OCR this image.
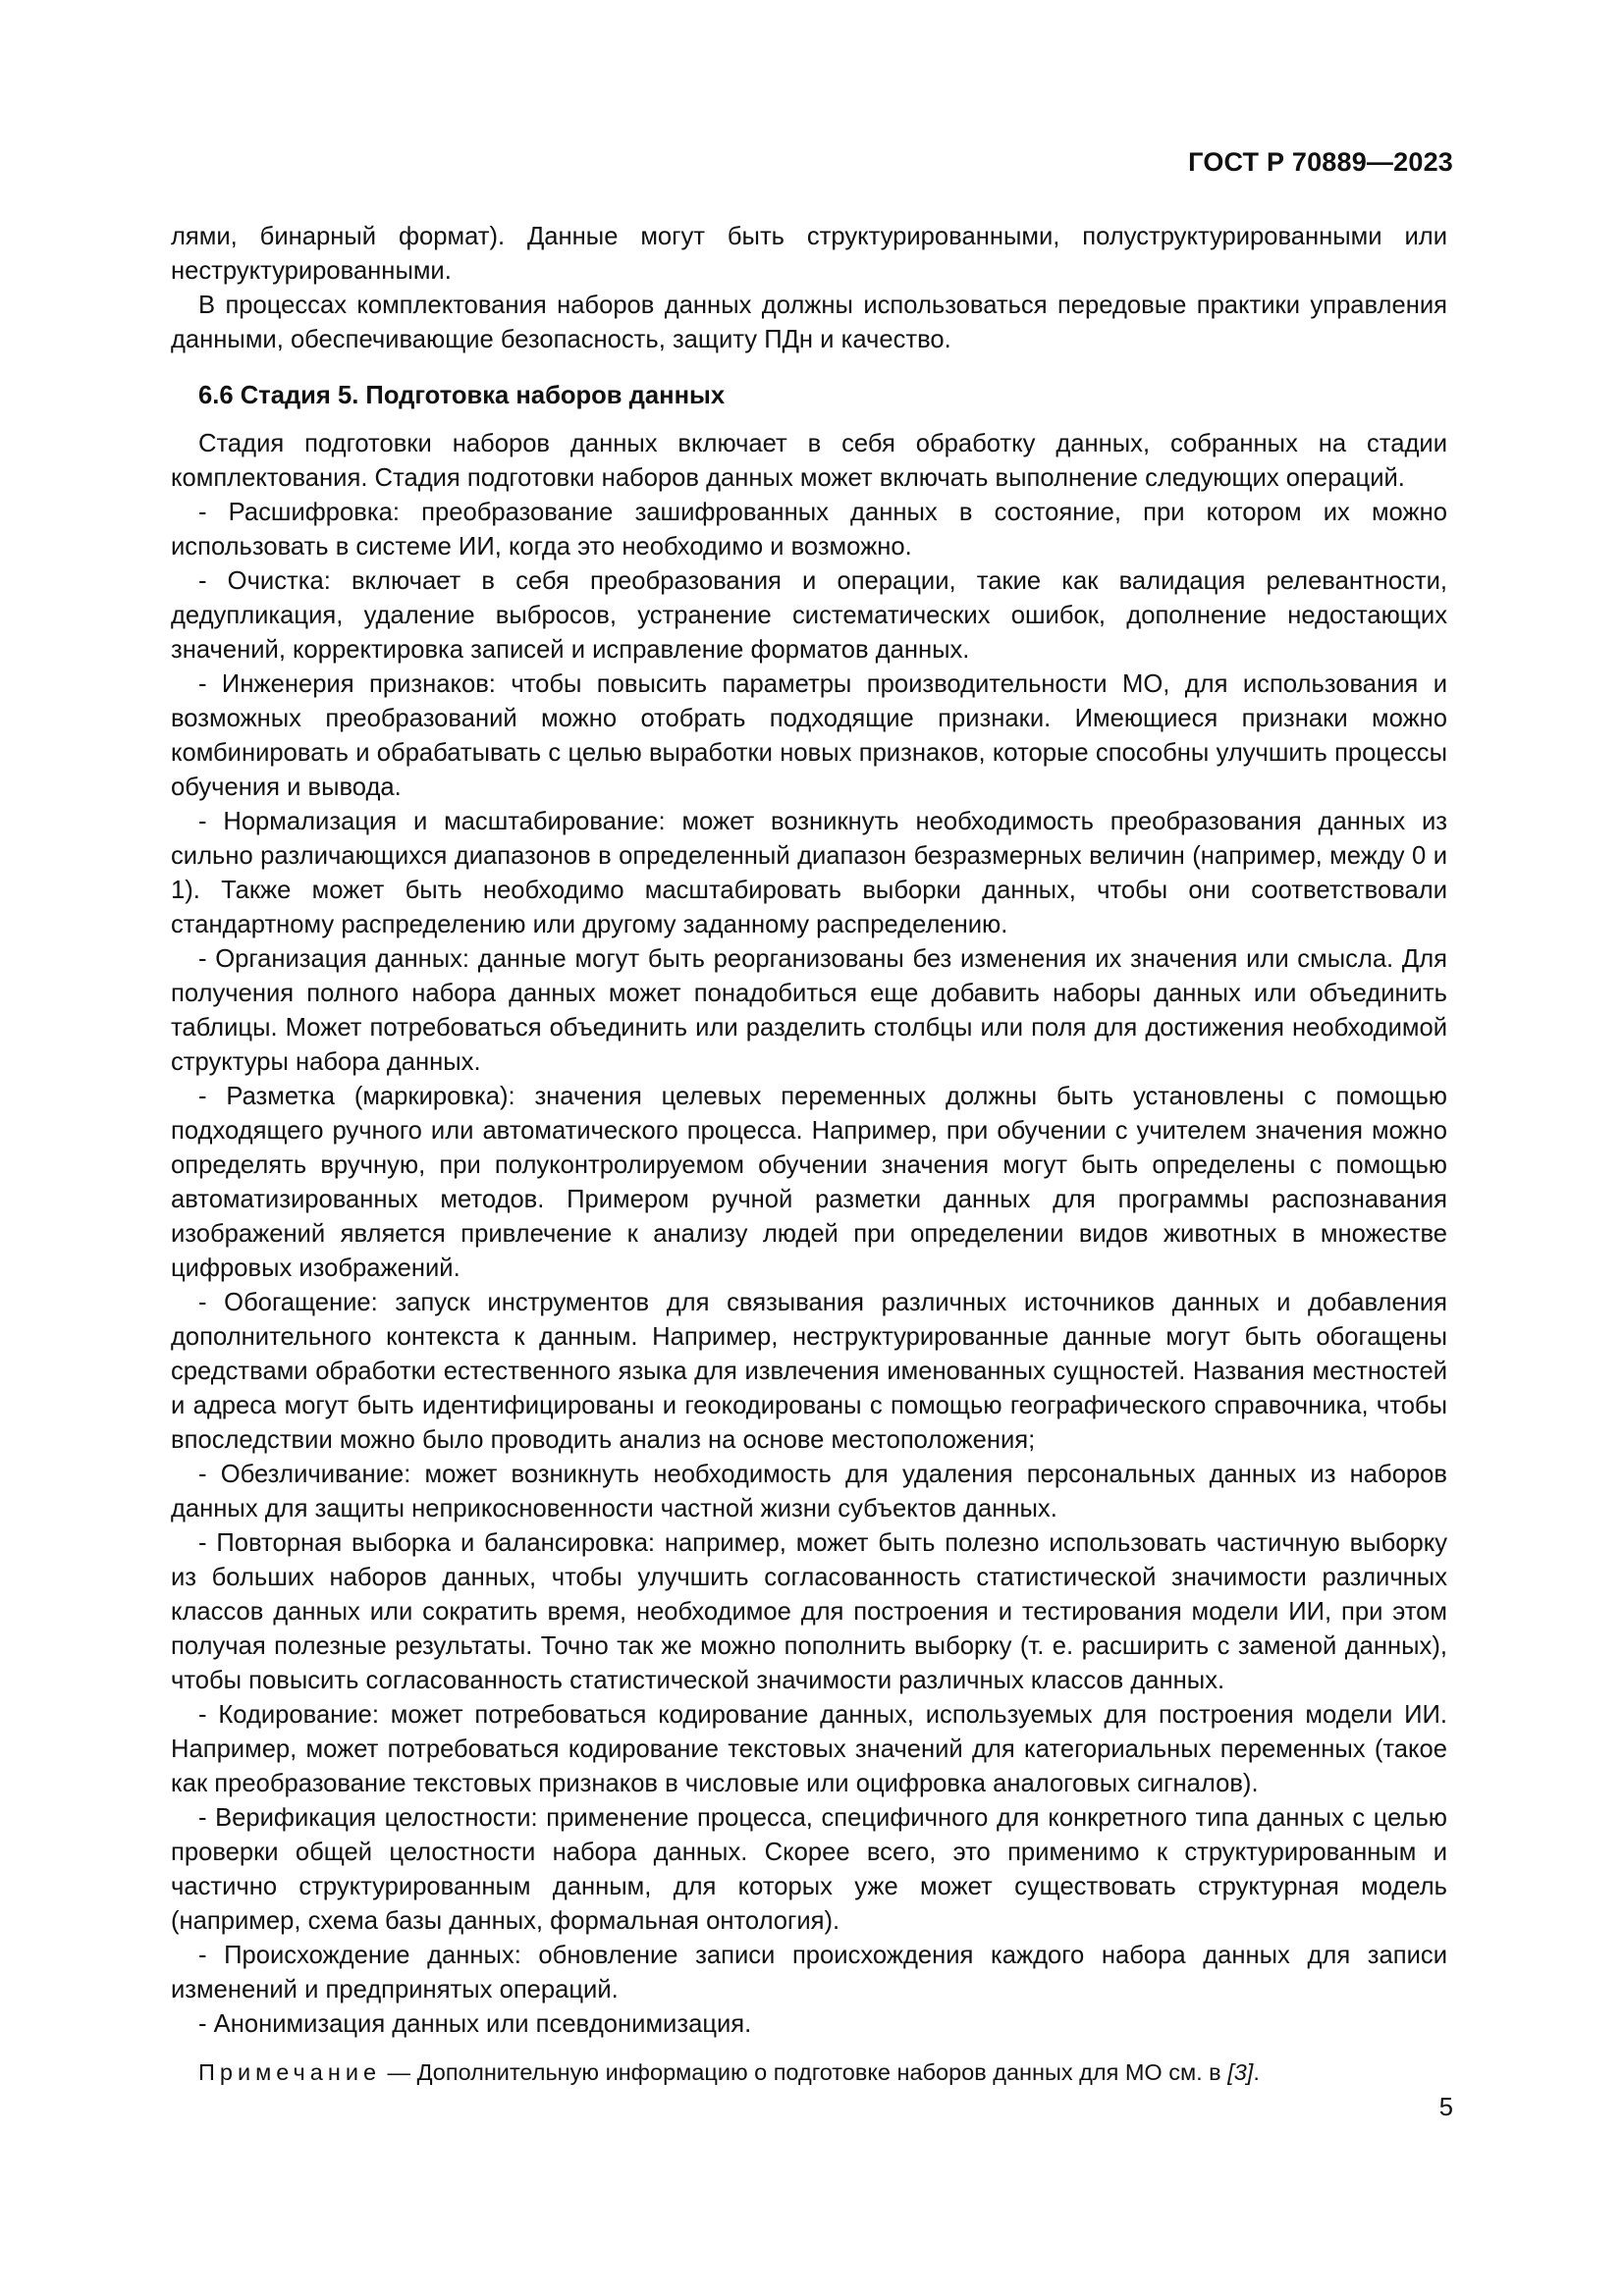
ГОСТ Р 70889—2023

лями, бинарный формат). Данные могут быть структурированными, полуструктурированными или неструктурированными.

В процессах комплектования наборов данных должны использоваться передовые практики управления данными, обеспечивающие безопасность, защиту ПДн и качество.

6.6 Стадия 5. Подготовка наборов данных

Стадия подготовки наборов данных включает в себя обработку данных, собранных на стадии комплектования. Стадия подготовки наборов данных может включать выполнение следующих операций.

- Расшифровка: преобразование зашифрованных данных в состояние, при котором их можно использовать в системе ИИ, когда это необходимо и возможно.

- Очистка: включает в себя преобразования и операции, такие как валидация релевантности, дедупликация, удаление выбросов, устранение систематических ошибок, дополнение недостающих значений, корректировка записей и исправление форматов данных.

- Инженерия признаков: чтобы повысить параметры производительности МО, для использования и возможных преобразований можно отобрать подходящие признаки. Имеющиеся признаки можно комбинировать и обрабатывать с целью выработки новых признаков, которые способны улучшить процессы обучения и вывода.

- Нормализация и масштабирование: может возникнуть необходимость преобразования данных из сильно различающихся диапазонов в определенный диапазон безразмерных величин (например, между 0 и 1). Также может быть необходимо масштабировать выборки данных, чтобы они соответствовали стандартному распределению или другому заданному распределению.

- Организация данных: данные могут быть реорганизованы без изменения их значения или смысла. Для получения полного набора данных может понадобиться еще добавить наборы данных или объединить таблицы. Может потребоваться объединить или разделить столбцы или поля для достижения необходимой структуры набора данных.

- Разметка (маркировка): значения целевых переменных должны быть установлены с помощью подходящего ручного или автоматического процесса. Например, при обучении с учителем значения можно определять вручную, при полуконтролируемом обучении значения могут быть определены с помощью автоматизированных методов. Примером ручной разметки данных для программы распознавания изображений является привлечение к анализу людей при определении видов животных в множестве цифровых изображений.

- Обогащение: запуск инструментов для связывания различных источников данных и добавления дополнительного контекста к данным. Например, неструктурированные данные могут быть обогащены средствами обработки естественного языка для извлечения именованных сущностей. Названия местностей и адреса могут быть идентифицированы и геокодированы с помощью географического справочника, чтобы впоследствии можно было проводить анализ на основе местоположения;

- Обезличивание: может возникнуть необходимость для удаления персональных данных из наборов данных для защиты неприкосновенности частной жизни субъектов данных.

- Повторная выборка и балансировка: например, может быть полезно использовать частичную выборку из больших наборов данных, чтобы улучшить согласованность статистической значимости различных классов данных или сократить время, необходимое для построения и тестирования модели ИИ, при этом получая полезные результаты. Точно так же можно пополнить выборку (т. е. расширить с заменой данных), чтобы повысить согласованность статистической значимости различных классов данных.

- Кодирование: может потребоваться кодирование данных, используемых для построения модели ИИ. Например, может потребоваться кодирование текстовых значений для категориальных переменных (такое как преобразование текстовых признаков в числовые или оцифровка аналоговых сигналов).

- Верификация целостности: применение процесса, специфичного для конкретного типа данных с целью проверки общей целостности набора данных. Скорее всего, это применимо к структурированным и частично структурированным данным, для которых уже может существовать структурная модель (например, схема базы данных, формальная онтология).

- Происхождение данных: обновление записи происхождения каждого набора данных для записи изменений и предпринятых операций.

- Анонимизация данных или псевдонимизация.

Примечание — Дополнительную информацию о подготовке наборов данных для МО см. в [3].
5
